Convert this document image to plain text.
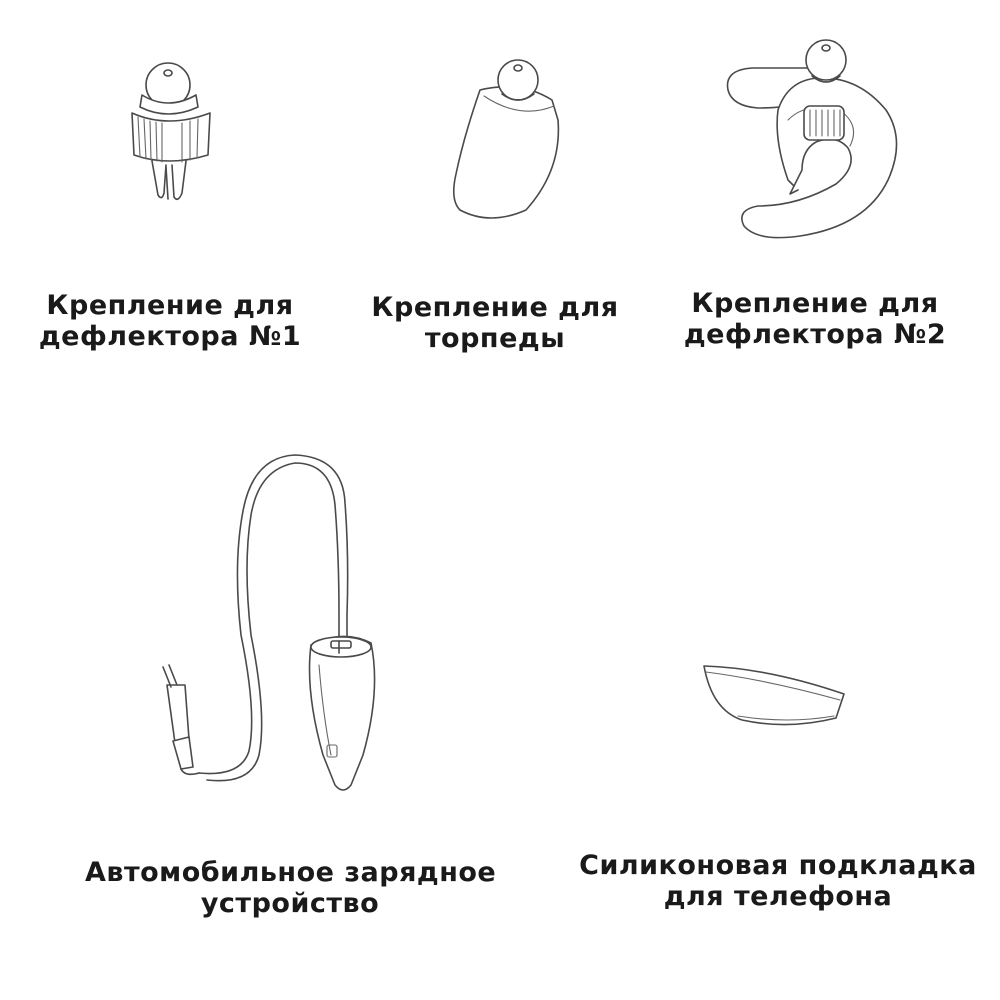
Крепление для
дефлектора №1
Крепление для
торпеды
Крепление для
дефлектора №2
Автомобильное зарядное
устройство
Силиконовая подкладка
для телефона
